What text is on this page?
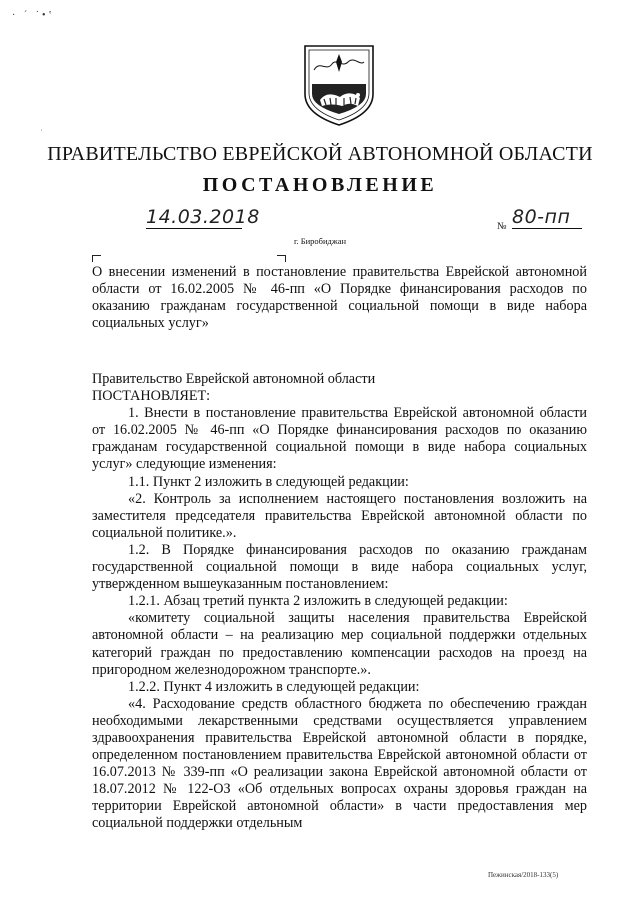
· ´ ˙•ʽ
˙
ПРАВИТЕЛЬСТВО ЕВРЕЙСКОЙ АВТОНОМНОЙ ОБЛАСТИ
ПОСТАНОВЛЕНИЕ
14.03.2018	№ 80-пп
г. Биробиджан
О внесении изменений в постановление правительства Еврейской автономной области от 16.02.2005 № 46-пп «О Порядке финансирования расходов по оказанию гражданам государственной социальной помощи в виде набора социальных услуг»

Правительство Еврейской автономной области

ПОСТАНОВЛЯЕТ:

1. Внести в постановление правительства Еврейской автономной области от 16.02.2005 № 46-пп «О Порядке финансирования расходов по оказанию гражданам государственной социальной помощи в виде набора социальных услуг» следующие изменения:

1.1. Пункт 2 изложить в следующей редакции:

«2. Контроль за исполнением настоящего постановления возложить на заместителя председателя правительства Еврейской автономной области по социальной политике.».

1.2. В Порядке финансирования расходов по оказанию гражданам государственной социальной помощи в виде набора социальных услуг, утвержденном вышеуказанным постановлением:

1.2.1. Абзац третий пункта 2 изложить в следующей редакции:

«комитету социальной защиты населения правительства Еврейской автономной области – на реализацию мер социальной поддержки отдельных категорий граждан по предоставлению компенсации расходов на проезд на пригородном железнодорожном транспорте.».

1.2.2. Пункт 4 изложить в следующей редакции:

«4. Расходование средств областного бюджета по обеспечению граждан необходимыми лекарственными средствами осуществляется управлением здравоохранения правительства Еврейской автономной области в порядке, определенном постановлением правительства Еврейской автономной области от 16.07.2013 № 339-пп «О реализации закона Еврейской автономной области от 18.07.2012 № 122-ОЗ «Об отдельных вопросах охраны здоровья граждан на территории Еврейской автономной области» в части предоставления мер социальной поддержки отдельным

Пежинская/2018-133(5)
